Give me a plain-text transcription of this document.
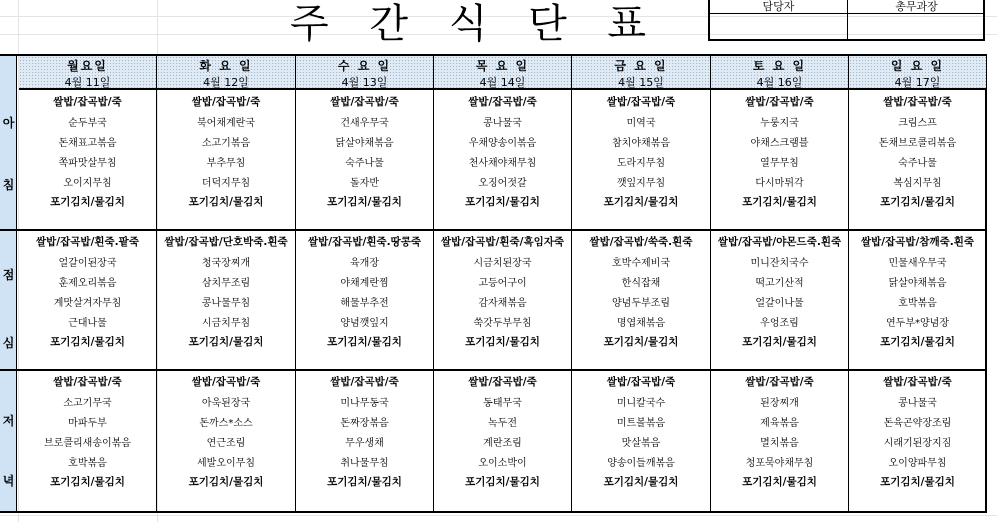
주 간 식 단 표	담당자	총무과장
아
침
점
심
저
녁
월요일
4월 11일
쌀밥/잡곡밥/죽
순두부국
돈채표고볶음
쪽파맛살무침
오이지무침
포기김치/물김치
쌀밥/잡곡밥/흰죽.팥죽
얼갈이된장국
훈제오리볶음
계맛살겨자무침
근대나물
포기김치/물김치
쌀밥/잡곡밥/죽
소고기무국
마파두부
브로콜리새송이볶음
호박볶음
포기김치/물김치
화 요 일
4월 12일
쌀밥/잡곡밥/죽
북어채계란국
소고기볶음
부추무침
더덕지무침
포기김치/물김치
쌀밥/잡곡밥/단호박죽.흰죽
청국장찌개
삼치무조림
콩나물무침
시금치무침
포기김치/물김치
쌀밥/잡곡밥/죽
아욱된장국
돈까스*소스
연근조림
세발오이무침
포기김치/물김치
수 요 일
4월 13일
쌀밥/잡곡밥/죽
건새우무국
닭살야채볶음
숙주나물
돌자반
포기김치/물김치
쌀밥/잡곡밥/흰죽.땅콩죽
육개장
야채계란찜
해물부추전
양념깻잎지
포기김치/물김치
쌀밥/잡곡밥/죽
미나무동국
돈짜장볶음
무우생채
취나물무침
포기김치/물김치
목 요 일
4월 14일
쌀밥/잡곡밥/죽
콩나물국
우채양송이볶음
천사채야채무침
오징어젓갈
포기김치/물김치
쌀밥/잡곡밥/흰죽/흑임자죽
시금치된장국
고등어구이
감자채볶음
쑥갓두부무침
포기김치/물김치
쌀밥/잡곡밥/죽
동태무국
녹두전
계란조림
오이소박이
포기김치/물김치
금 요 일
4월 15일
쌀밥/잡곡밥/죽
미역국
참치야채볶음
도라지무침
깻잎지무침
포기김치/물김치
쌀밥/잡곡밥/쑥죽.흰죽
호박수제비국
한식잡채
양념두부조림
명엽채볶음
포기김치/물김치
쌀밥/잡곡밥/죽
미니칼국수
미트볼볶음
맛살볶음
양송이들깨볶음
포기김치/물김치
토 요 일
4월 16일
쌀밥/잡곡밥/죽
누룽지국
야채스크램블
열무무침
다시마튀각
포기김치/물김치
쌀밥/잡곡밥/야몬드죽.흰죽
미니잔치국수
떡고기산적
얼갈이나물
우엉조림
포기김치/물김치
쌀밥/잡곡밥/죽
된장찌개
제육볶음
멸치볶음
청포묵야채무침
포기김치/물김치
일 요 일
4월 17일
쌀밥/잡곡밥/죽
크림스프
돈채브로콜리볶음
숙주나물
복심지무침
포기김치/물김치
쌀밥/잡곡밥/참깨죽.흰죽
민물새우무국
닭살야채볶음
호박볶음
연두부*양념장
포기김치/물김치
쌀밥/잡곡밥/죽
콩나물국
돈육곤약장조림
시래기된장지짐
오이양파무침
포기김치/물김치
